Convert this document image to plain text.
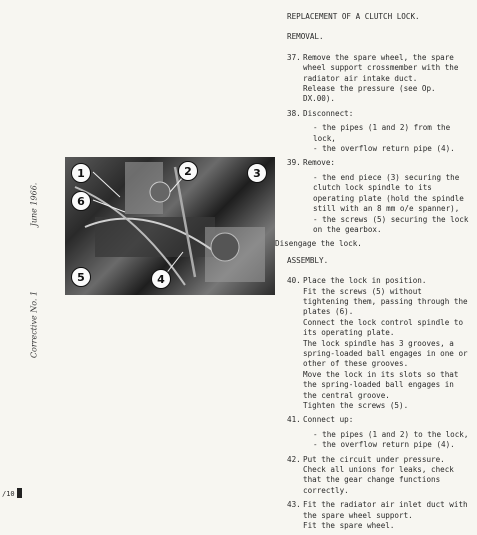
June 1966.
Corrective No. 1
1	2	3
6
5	4
REPLACEMENT OF A CLUTCH LOCK.
REMOVAL.
37. Remove the spare wheel, the spare wheel support crossmember with the radiator air intake duct.
Release the pressure (see Op. DX.00).
38. Disconnect:
- the pipes (1 and 2) from the lock,
- the overflow return pipe (4).
39. Remove:
- the end piece (3) securing the clutch lock spindle to its operating plate (hold the spindle still with an 8 mm o/e spanner),
- the screws (5) securing the lock on the gearbox.
Disengage the lock.
ASSEMBLY.
40. Place the lock in position.
Fit the screws (5) without tightening them, passing through the plates (6).
Connect the lock control spindle to its operating plate.
The lock spindle has 3 grooves, a spring-loaded ball engages in one or other of these grooves.
Move the lock in its slots so that the spring-loaded ball engages in the central groove.
Tighten the screws (5).
41. Connect up:
- the pipes (1 and 2) to the lock,
- the overflow return pipe (4).
42. Put the circuit under pressure. Check all unions for leaks, check that the gear change functions correctly.
43. Fit the radiator air inlet duct with the spare wheel support.
Fit the spare wheel.
/10
